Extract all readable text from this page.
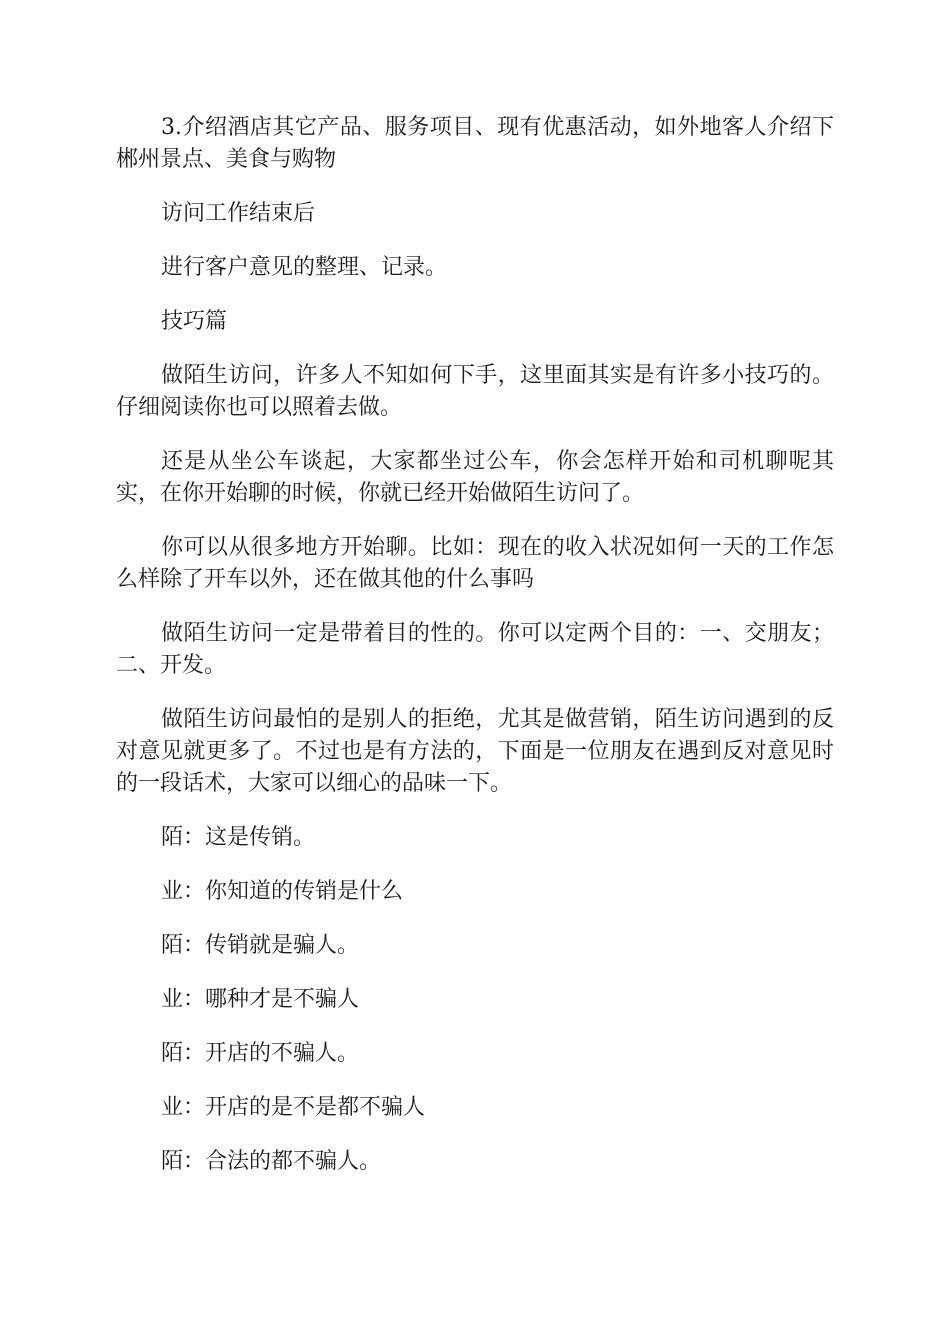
3.介绍酒店其它产品、服务项目、现有优惠活动，如外地客人介绍下郴州景点、美食与购物

访问工作结束后

进行客户意见的整理、记录。

技巧篇

做陌生访问，许多人不知如何下手，这里面其实是有许多小技巧的。仔细阅读你也可以照着去做。

还是从坐公车谈起，大家都坐过公车，你会怎样开始和司机聊呢其实，在你开始聊的时候，你就已经开始做陌生访问了。

你可以从很多地方开始聊。比如：现在的收入状况如何一天的工作怎么样除了开车以外，还在做其他的什么事吗

做陌生访问一定是带着目的性的。你可以定两个目的：一、交朋友；二、开发。

做陌生访问最怕的是别人的拒绝，尤其是做营销，陌生访问遇到的反对意见就更多了。不过也是有方法的，下面是一位朋友在遇到反对意见时的一段话术，大家可以细心的品味一下。

陌：这是传销。

业：你知道的传销是什么

陌：传销就是骗人。

业：哪种才是不骗人

陌：开店的不骗人。

业：开店的是不是都不骗人

陌：合法的都不骗人。
